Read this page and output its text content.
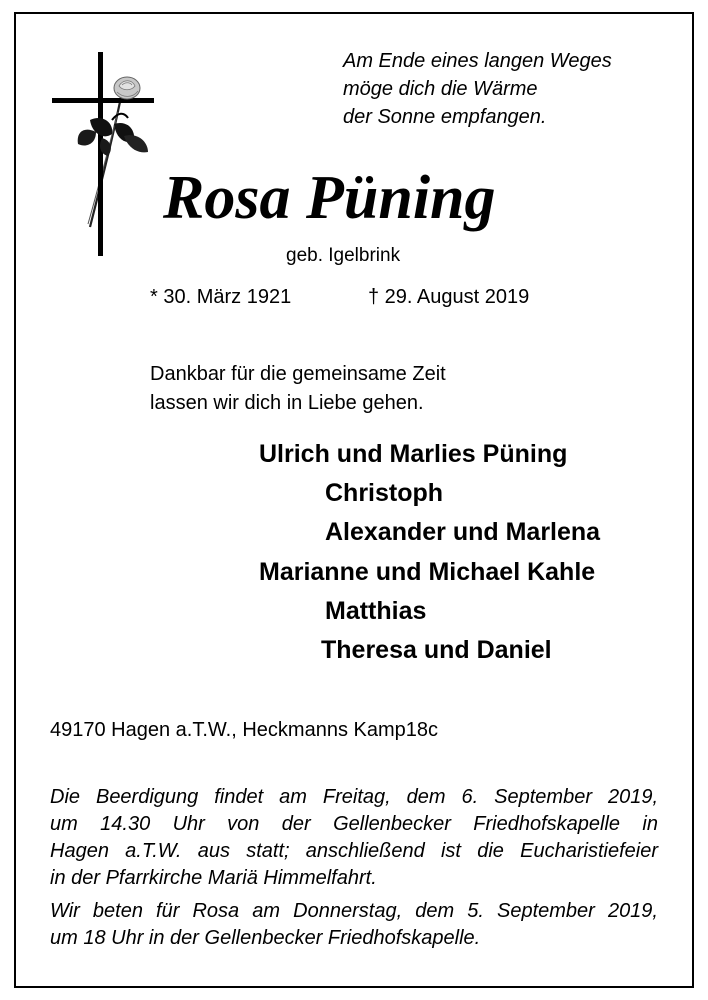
Am Ende eines langen Weges
möge dich die Wärme
der Sonne empfangen.
Rosa Püning
geb. Igelbrink
* 30. März 1921	† 29. August 2019
Dankbar für die gemeinsame Zeit
lassen wir dich in Liebe gehen.
Ulrich und Marlies Püning
Christoph
Alexander und Marlena
Marianne und Michael Kahle
Matthias
Theresa und Daniel
49170 Hagen a.T.W., Heckmanns Kamp18c
Die Beerdigung findet am Freitag, dem 6. September 2019,
um 14.30 Uhr von der Gellenbecker Friedhofskapelle in
Hagen a.T.W. aus statt; anschließend ist die Eucharistiefeier
in der Pfarrkirche Mariä Himmelfahrt.
Wir beten für Rosa am Donnerstag, dem 5. September 2019,
um 18 Uhr in der Gellenbecker Friedhofskapelle.
